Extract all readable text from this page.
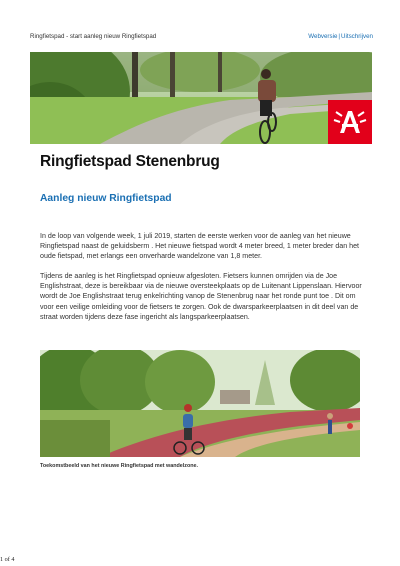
Ringfietspad - start aanleg nieuw Ringfietspad	Webversie|Uitschrijven
Ringfietspad Stenenbrug
Aanleg nieuw Ringfietspad

In de loop van volgende week, 1 juli 2019, starten de eerste werken voor de aanleg van het nieuwe Ringfietspad naast de geluidsberm . Het nieuwe fietspad wordt 4 meter breed, 1 meter breder dan het oude fietspad, met erlangs een onverharde wandelzone van 1,8 meter.

Tijdens de aanleg is het Ringfietspad opnieuw afgesloten. Fietsers kunnen omrijden via de Joe Englishstraat, deze is bereikbaar via de nieuwe oversteekplaats op de Luitenant Lippenslaan. Hiervoor wordt de Joe Englishstraat terug enkelrichting vanop de Stenenbrug naar het ronde punt toe . Dit om voor een veilige omleiding voor de fietsers te zorgen. Ook de dwarsparkeerplaatsen in dit deel van de straat worden tijdens deze fase ingericht als langsparkeerplaatsen.

Toekomstbeeld van het nieuwe Ringfietspad met wandelzone.
1 of 4
